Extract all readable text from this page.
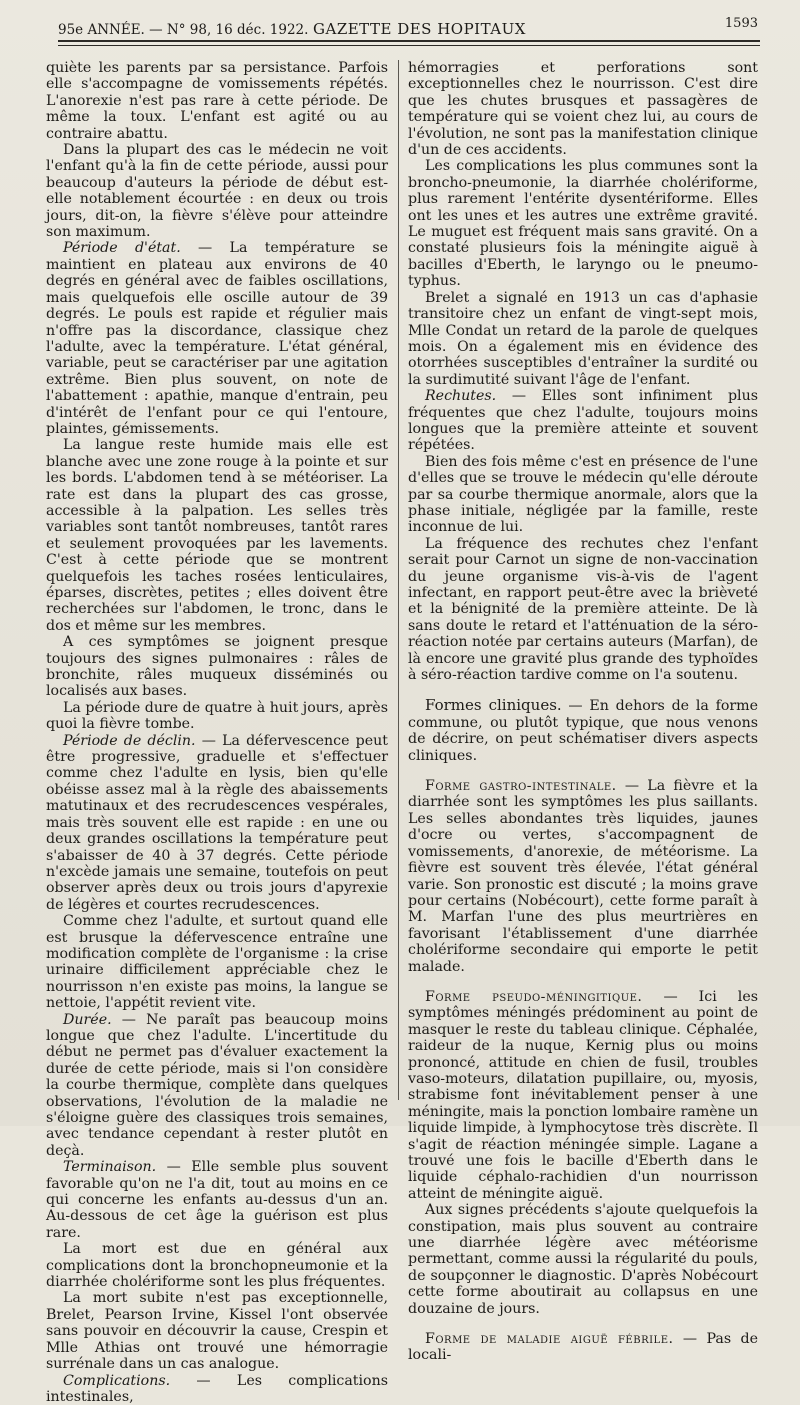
95e ANNÉE. — N° 98, 16 déc. 1922. GAZETTE DES HOPITAUX	1593

quiète les parents par sa persistance. Parfois elle s'accompagne de vomissements répétés. L'anorexie n'est pas rare à cette période. De même la toux. L'enfant est agité ou au contraire abattu.

Dans la plupart des cas le médecin ne voit l'enfant qu'à la fin de cette période, aussi pour beaucoup d'auteurs la période de début est-elle notablement écourtée : en deux ou trois jours, dit-on, la fièvre s'élève pour atteindre son maximum.

Période d'état. — La température se maintient en plateau aux environs de 40 degrés en général avec de faibles oscillations, mais quelquefois elle oscille autour de 39 degrés. Le pouls est rapide et régulier mais n'offre pas la discordance, classique chez l'adulte, avec la température. L'état général, variable, peut se caractériser par une agitation extrême. Bien plus souvent, on note de l'abattement : apathie, manque d'entrain, peu d'intérêt de l'enfant pour ce qui l'entoure, plaintes, gémissements.

La langue reste humide mais elle est blanche avec une zone rouge à la pointe et sur les bords. L'abdomen tend à se météoriser. La rate est dans la plupart des cas grosse, accessible à la palpation. Les selles très variables sont tantôt nombreuses, tantôt rares et seulement provoquées par les lavements. C'est à cette période que se montrent quelquefois les taches rosées lenticulaires, éparses, discrètes, petites ; elles doivent être recherchées sur l'abdomen, le tronc, dans le dos et même sur les membres.

A ces symptômes se joignent presque toujours des signes pulmonaires : râles de bronchite, râles muqueux disséminés ou localisés aux bases.

La période dure de quatre à huit jours, après quoi la fièvre tombe.

Période de déclin. — La défervescence peut être progressive, graduelle et s'effectuer comme chez l'adulte en lysis, bien qu'elle obéisse assez mal à la règle des abaissements matutinaux et des recrudescences vespérales, mais très souvent elle est rapide : en une ou deux grandes oscillations la température peut s'abaisser de 40 à 37 degrés. Cette période n'excède jamais une semaine, toutefois on peut observer après deux ou trois jours d'apyrexie de légères et courtes recrudescences.

Comme chez l'adulte, et surtout quand elle est brusque la défervescence entraîne une modification complète de l'organisme : la crise urinaire difficilement appréciable chez le nourrisson n'en existe pas moins, la langue se nettoie, l'appétit revient vite.

Durée. — Ne paraît pas beaucoup moins longue que chez l'adulte. L'incertitude du début ne permet pas d'évaluer exactement la durée de cette période, mais si l'on considère la courbe thermique, complète dans quelques observations, l'évolution de la maladie ne s'éloigne guère des classiques trois semaines, avec tendance cependant à rester plutôt en deçà.

Terminaison. — Elle semble plus souvent favorable qu'on ne l'a dit, tout au moins en ce qui concerne les enfants au-dessus d'un an. Au-dessous de cet âge la guérison est plus rare.

La mort est due en général aux complications dont la bronchopneumonie et la diarrhée cholériforme sont les plus fréquentes.

La mort subite n'est pas exceptionnelle, Brelet, Pearson Irvine, Kissel l'ont observée sans pouvoir en découvrir la cause, Crespin et Mlle Athias ont trouvé une hémorragie surrénale dans un cas analogue.

Complications. — Les complications intestinales,

hémorragies et perforations sont exceptionnelles chez le nourrisson. C'est dire que les chutes brusques et passagères de température qui se voient chez lui, au cours de l'évolution, ne sont pas la manifestation clinique d'un de ces accidents.

Les complications les plus communes sont la broncho-pneumonie, la diarrhée cholériforme, plus rarement l'entérite dysentériforme. Elles ont les unes et les autres une extrême gravité. Le muguet est fréquent mais sans gravité. On a constaté plusieurs fois la méningite aiguë à bacilles d'Eberth, le laryngo ou le pneumo-typhus.

Brelet a signalé en 1913 un cas d'aphasie transitoire chez un enfant de vingt-sept mois, Mlle Condat un retard de la parole de quelques mois. On a également mis en évidence des otorrhées susceptibles d'entraîner la surdité ou la surdimutité suivant l'âge de l'enfant.

Rechutes. — Elles sont infiniment plus fréquentes que chez l'adulte, toujours moins longues que la première atteinte et souvent répétées.

Bien des fois même c'est en présence de l'une d'elles que se trouve le médecin qu'elle déroute par sa courbe thermique anormale, alors que la phase initiale, négligée par la famille, reste inconnue de lui.

La fréquence des rechutes chez l'enfant serait pour Carnot un signe de non-vaccination du jeune organisme vis-à-vis de l'agent infectant, en rapport peut-être avec la brièveté et la bénignité de la première atteinte. De là sans doute le retard et l'atténuation de la séro-réaction notée par certains auteurs (Marfan), de là encore une gravité plus grande des typhoïdes à séro-réaction tardive comme on l'a soutenu.

Formes cliniques. — En dehors de la forme commune, ou plutôt typique, que nous venons de décrire, on peut schématiser divers aspects cliniques.

Forme gastro-intestinale. — La fièvre et la diarrhée sont les symptômes les plus saillants. Les selles abondantes très liquides, jaunes d'ocre ou vertes, s'accompagnent de vomissements, d'anorexie, de météorisme. La fièvre est souvent très élevée, l'état général varie. Son pronostic est discuté ; la moins grave pour certains (Nobécourt), cette forme paraît à M. Marfan l'une des plus meurtrières en favorisant l'établissement d'une diarrhée cholériforme secondaire qui emporte le petit malade.

Forme pseudo-méningitique. — Ici les symptômes méningés prédominent au point de masquer le reste du tableau clinique. Céphalée, raideur de la nuque, Kernig plus ou moins prononcé, attitude en chien de fusil, troubles vaso-moteurs, dilatation pupillaire, ou, myosis, strabisme font inévitablement penser à une méningite, mais la ponction lombaire ramène un liquide limpide, à lymphocytose très discrète. Il s'agit de réaction méningée simple. Lagane a trouvé une fois le bacille d'Eberth dans le liquide céphalo-rachidien d'un nourrisson atteint de méningite aiguë.

Aux signes précédents s'ajoute quelquefois la constipation, mais plus souvent au contraire une diarrhée légère avec météorisme permettant, comme aussi la régularité du pouls, de soupçonner le diagnostic. D'après Nobécourt cette forme aboutirait au collapsus en une douzaine de jours.

Forme de maladie aiguë fébrile. — Pas de locali-
